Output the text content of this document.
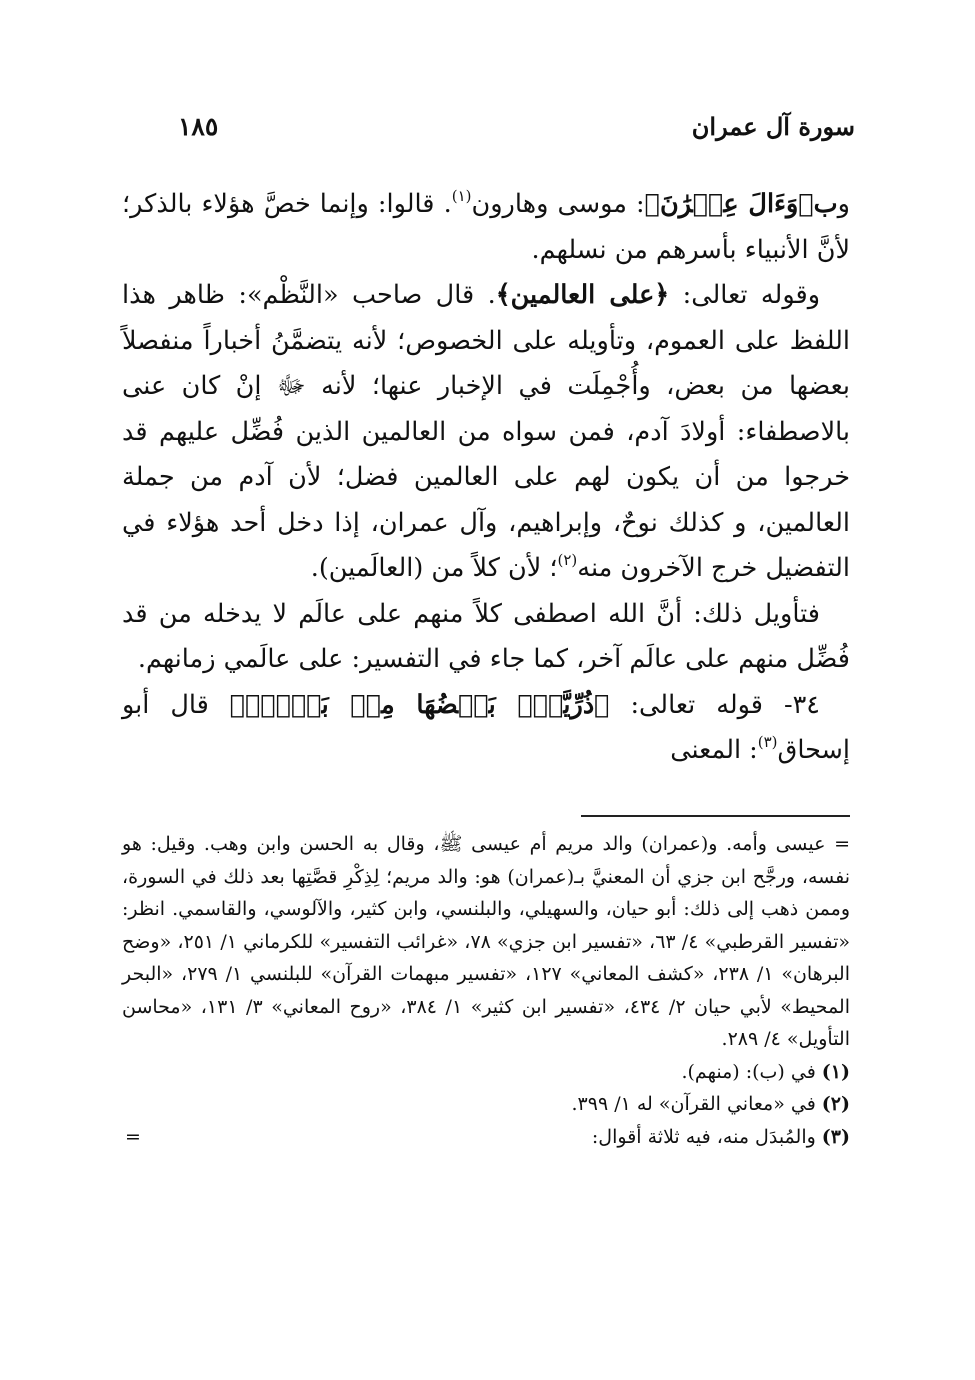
سورة آل عمران
١٨٥

وب﴿وَءَالَ عِمۡرَٰنَ﴾: موسى وهارون$^{(١)}$. قالوا: وإنما خصَّ هؤلاء بالذكر؛ لأنَّ الأنبياء بأسرهم من نسلهم.

وقوله تعالى: ﴿على العالمين﴾. قال صاحب «النَّظْم»: ظاهر هذا اللفظ على العموم، وتأويله على الخصوص؛ لأنه يتضمَّنُ أخباراً منفصلاً بعضها من بعض، وأُجْمِلَت في الإخبار عنها؛ لأنه ﷻ إنْ كان عنى بالاصطفاء: أولادَ آدم، فمن سواه من العالمين الذين فُضِّل عليهم قد خرجوا من أن يكون لهم على العالمين فضل؛ لأن آدم من جملة العالمين، و كذلك نوحٌ، وإبراهيم، وآل عمران، إذا دخل أحد هؤلاء في التفضيل خرج الآخرون منه$^{(٢)}$؛ لأن كلاً من (العالَمين).

فتأويل ذلك: أنَّ الله اصطفى كلاً منهم على عالَم لا يدخله من قد فُضِّل منهم على عالَم آخر، كما جاء في التفسير: على عالَمي زمانهم.

٣٤- قوله تعالى: ﴿ذُرِّيَّةَۢ بَعۡضُهَا مِنۢ بَعۡضٖۗ﴾ قال أبو إسحاق$^{(٣)}$: المعنى

= عيسى وأمه. و(عمران) والد مريم أم عيسى ﷺ، وقال به الحسن وابن وهب. وقيل: هو نفسه، ورجَّح ابن جزي أن المعنيَّ بـ(عمران) هو: والد مريم؛ لِذِكْرِ قصَّتِها بعد ذلك في السورة، وممن ذهب إلى ذلك: أبو حيان، والسهيلي، والبلنسي، وابن كثير، والآلوسي، والقاسمي. انظر: «تفسير القرطبي» ٤/ ٦٣، «تفسير ابن جزي» ٧٨، «غرائب التفسير» للكرماني ١/ ٢٥١، «وضح البرهان» ١/ ٢٣٨، «كشف المعاني» ١٢٧، «تفسير مبهمات القرآن» للبلنسي ١/ ٢٧٩، «البحر المحيط» لأبي حيان ٢/ ٤٣٤، «تفسير ابن كثير» ١/ ٣٨٤، «روح المعاني» ٣/ ١٣١، «محاسن التأويل» ٤/ ٢٨٩.

(١)في (ب): (منهم).

(٢)في «معاني القرآن» له ١/ ٣٩٩.

(٣)والمُبدَل منه، فيه ثلاثة أقوال:
=
